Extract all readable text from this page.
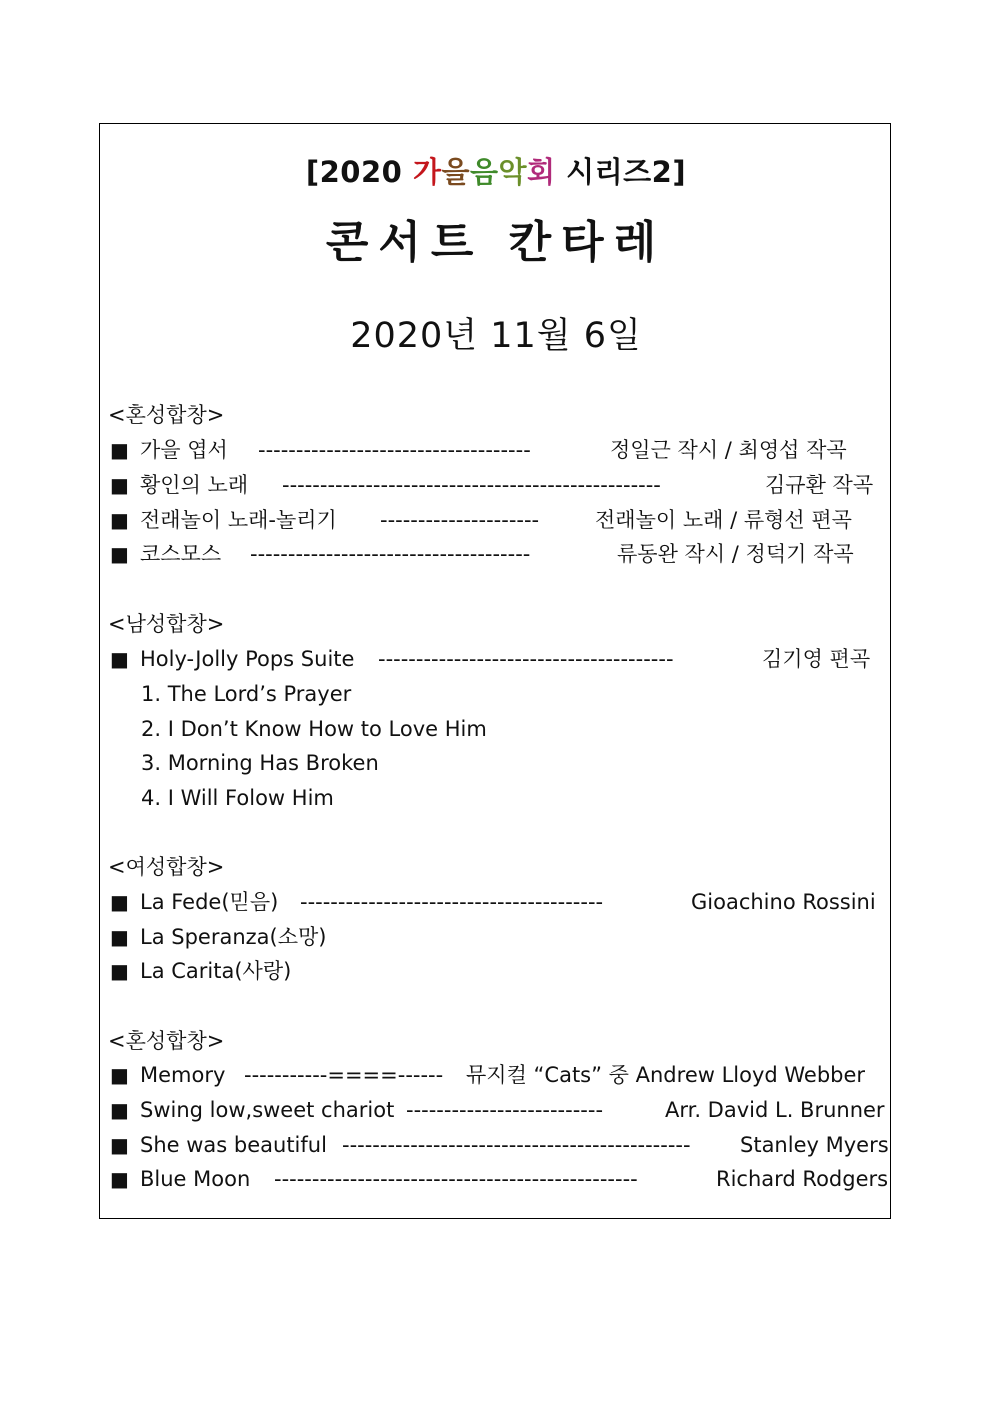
[2020 가을음악회 시리즈2]
콘서트 칸타레
2020년 11월 6일
<혼성합창>
■ 가을 엽서 ------------------------------------	정일근 작시 / 최영섭 작곡
■ 황인의 노래 --------------------------------------------------	김규환 작곡
■ 전래놀이 노래-놀리기 ---------------------	전래놀이 노래 / 류형선 편곡
■ 코스모스 -------------------------------------	류동완 작시 / 정덕기 작곡
<남성합창>
■ Holy-Jolly Pops Suite ---------------------------------------	김기영 편곡
1. The Lord’s Prayer
2. I Don’t Know How to Love Him
3. Morning Has Broken
4. I Will Folow Him
<여성합창>
■ La Fede(믿음) ----------------------------------------	Gioachino Rossini
■ La Speranza(소망)
■ La Carita(사랑)
<혼성합창>
■ Memory -----------====------ 뮤지컬 “Cats” 중 Andrew Lloyd Webber
■ Swing low,sweet chariot --------------------------	Arr. David L. Brunner
■ She was beautiful ---------------------------------------------- Stanley Myers
■ Blue Moon ------------------------------------------------	Richard Rodgers
